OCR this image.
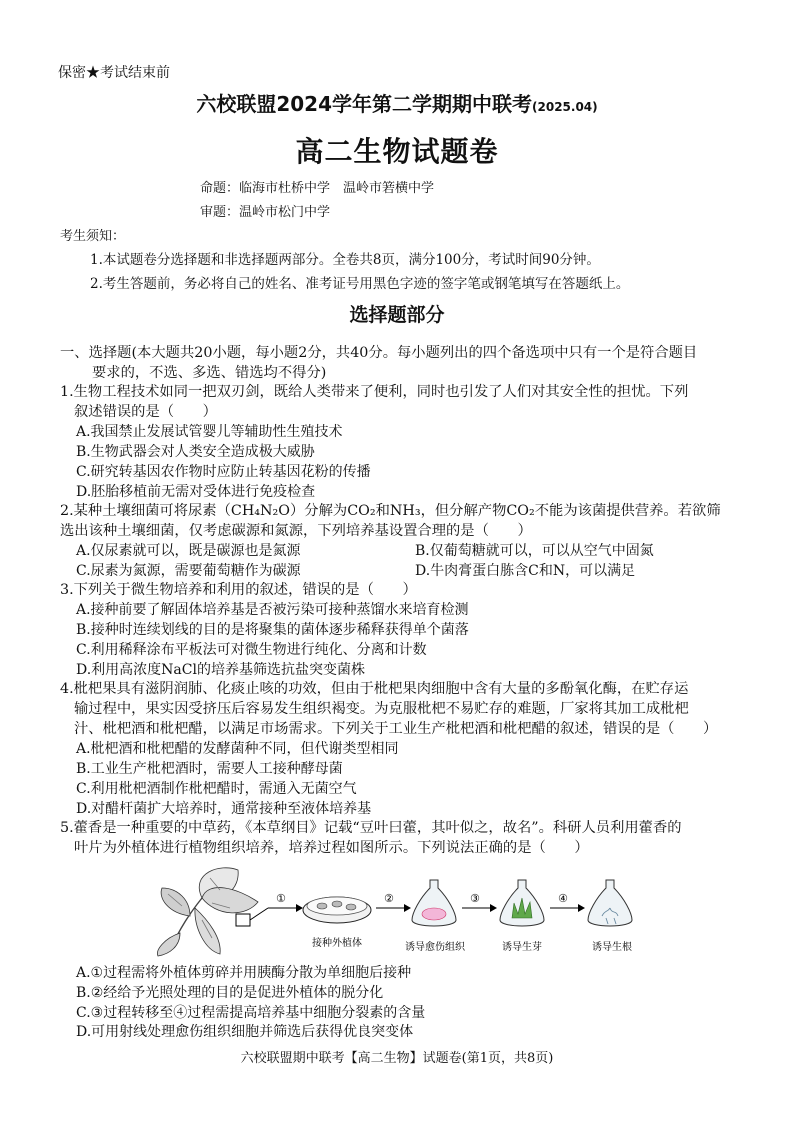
保密★考试结束前
六校联盟2024学年第二学期期中联考(2025.04)
高二生物试题卷
命题：临海市杜桥中学　温岭市箬横中学
审题：温岭市松门中学
考生须知：
1.本试题卷分选择题和非选择题两部分。全卷共8页，满分100分，考试时间90分钟。
2.考生答题前，务必将自己的姓名、准考证号用黑色字迹的签字笔或钢笔填写在答题纸上。
选择题部分
一、选择题(本大题共20小题，每小题2分，共40分。每小题列出的四个备选项中只有一个是符合题目
要求的，不选、多选、错选均不得分)
1.生物工程技术如同一把双刃剑，既给人类带来了便利，同时也引发了人们对其安全性的担忧。下列
叙述错误的是（　　）
A.我国禁止发展试管婴儿等辅助性生殖技术
B.生物武器会对人类安全造成极大威胁
C.研究转基因农作物时应防止转基因花粉的传播
D.胚胎移植前无需对受体进行免疫检查
2.某种土壤细菌可将尿素（CH₄N₂O）分解为CO₂和NH₃，但分解产物CO₂不能为该菌提供营养。若欲筛
选出该种土壤细菌，仅考虑碳源和氮源，下列培养基设置合理的是（　　）
A.仅尿素就可以，既是碳源也是氮源	B.仅葡萄糖就可以，可以从空气中固氮
C.尿素为氮源，需要葡萄糖作为碳源	D.牛肉膏蛋白胨含C和N，可以满足
3.下列关于微生物培养和利用的叙述，错误的是（　　）
A.接种前要了解固体培养基是否被污染可接种蒸馏水来培育检测
B.接种时连续划线的目的是将聚集的菌体逐步稀释获得单个菌落
C.利用稀释涂布平板法可对微生物进行纯化、分离和计数
D.利用高浓度NaCl的培养基筛选抗盐突变菌株
4.枇杷果具有滋阴润肺、化痰止咳的功效，但由于枇杷果肉细胞中含有大量的多酚氧化酶，在贮存运
输过程中，果实因受挤压后容易发生组织褐变。为克服枇杷不易贮存的难题，厂家将其加工成枇杷
汁、枇杷酒和枇杷醋，以满足市场需求。下列关于工业生产枇杷酒和枇杷醋的叙述，错误的是（　　）
A.枇杷酒和枇杷醋的发酵菌种不同，但代谢类型相同
B.工业生产枇杷酒时，需要人工接种酵母菌
C.利用枇杷酒制作枇杷醋时，需通入无菌空气
D.对醋杆菌扩大培养时，通常接种至液体培养基
5.藿香是一种重要的中草药，《本草纲目》记载“豆叶曰藿，其叶似之，故名”。科研人员利用藿香的
叶片为外植体进行植物组织培养，培养过程如图所示。下列说法正确的是（　　）
①
接种外植体
②
诱导愈伤组织
③
诱导生芽
④
诱导生根
A.①过程需将外植体剪碎并用胰酶分散为单细胞后接种
B.②经给予光照处理的目的是促进外植体的脱分化
C.③过程转移至④过程需提高培养基中细胞分裂素的含量
D.可用射线处理愈伤组织细胞并筛选后获得优良突变体
六校联盟期中联考【高二生物】试题卷(第1页，共8页)
